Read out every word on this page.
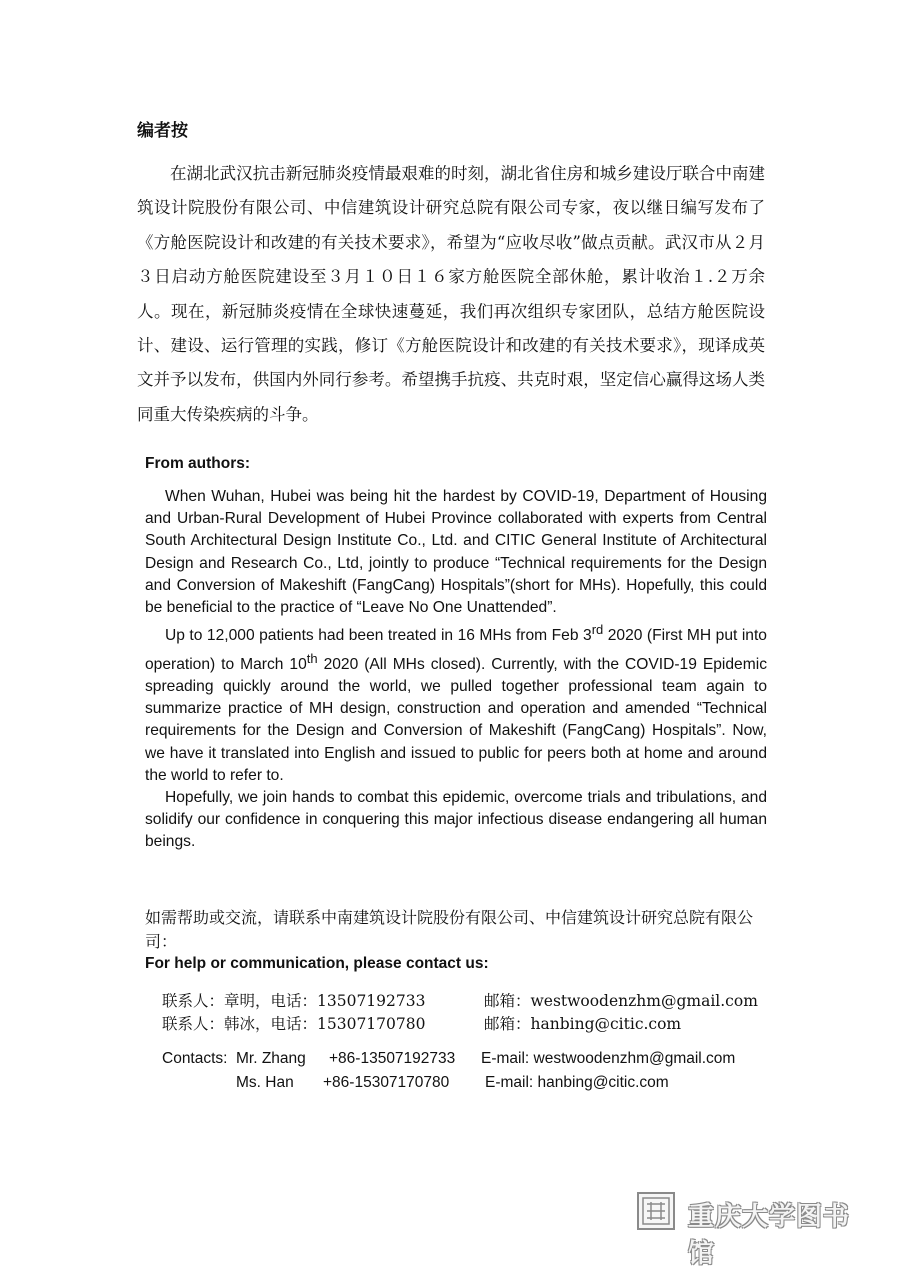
编者按
在湖北武汉抗击新冠肺炎疫情最艰难的时刻，湖北省住房和城乡建设厅联合中南建筑设计院股份有限公司、中信建筑设计研究总院有限公司专家，夜以继日编写发布了《方舱医院设计和改建的有关技术要求》，希望为“应收尽收”做点贡献。武汉市从２月３日启动方舱医院建设至３月１０日１６家方舱医院全部休舱，累计收治１.２万余人。现在，新冠肺炎疫情在全球快速蔓延，我们再次组织专家团队，总结方舱医院设计、建设、运行管理的实践，修订《方舱医院设计和改建的有关技术要求》，现译成英文并予以发布，供国内外同行参考。希望携手抗疫、共克时艰，坚定信心赢得这场人类同重大传染疾病的斗争。
From authors:

When Wuhan, Hubei was being hit the hardest by COVID-19, Department of Housing and Urban-Rural Development of Hubei Province collaborated with experts from Central South Architectural Design Institute Co., Ltd. and CITIC General Institute of Architectural Design and Research Co., Ltd, jointly to produce “Technical requirements for the Design and Conversion of Makeshift (FangCang) Hospitals”(short for MHs). Hopefully, this could be beneficial to the practice of “Leave No One Unattended”.

Up to 12,000 patients had been treated in 16 MHs from Feb 3rd 2020 (First MH put into operation) to March 10th 2020 (All MHs closed). Currently, with the COVID-19 Epidemic spreading quickly around the world, we pulled together professional team again to summarize practice of MH design, construction and operation and amended “Technical requirements for the Design and Conversion of Makeshift (FangCang) Hospitals”. Now, we have it translated into English and issued to public for peers both at home and around the world to refer to.

Hopefully, we join hands to combat this epidemic, overcome trials and tribulations, and solidify our confidence in conquering this major infectious disease endangering all human beings.

如需帮助或交流，请联系中南建筑设计院股份有限公司、中信建筑设计研究总院有限公司：
For help or communication, please contact us:
联系人：章明，电话：13507192733	邮箱：westwoodenzhm@gmail.com
联系人：韩冰，电话：15307170780	邮箱：hanbing@citic.com
Contacts: Mr. Zhang +86-13507192733 E-mail: westwoodenzhm@gmail.com
Ms. Han +86-15307170780 E-mail: hanbing@citic.com
重庆大学图书馆
